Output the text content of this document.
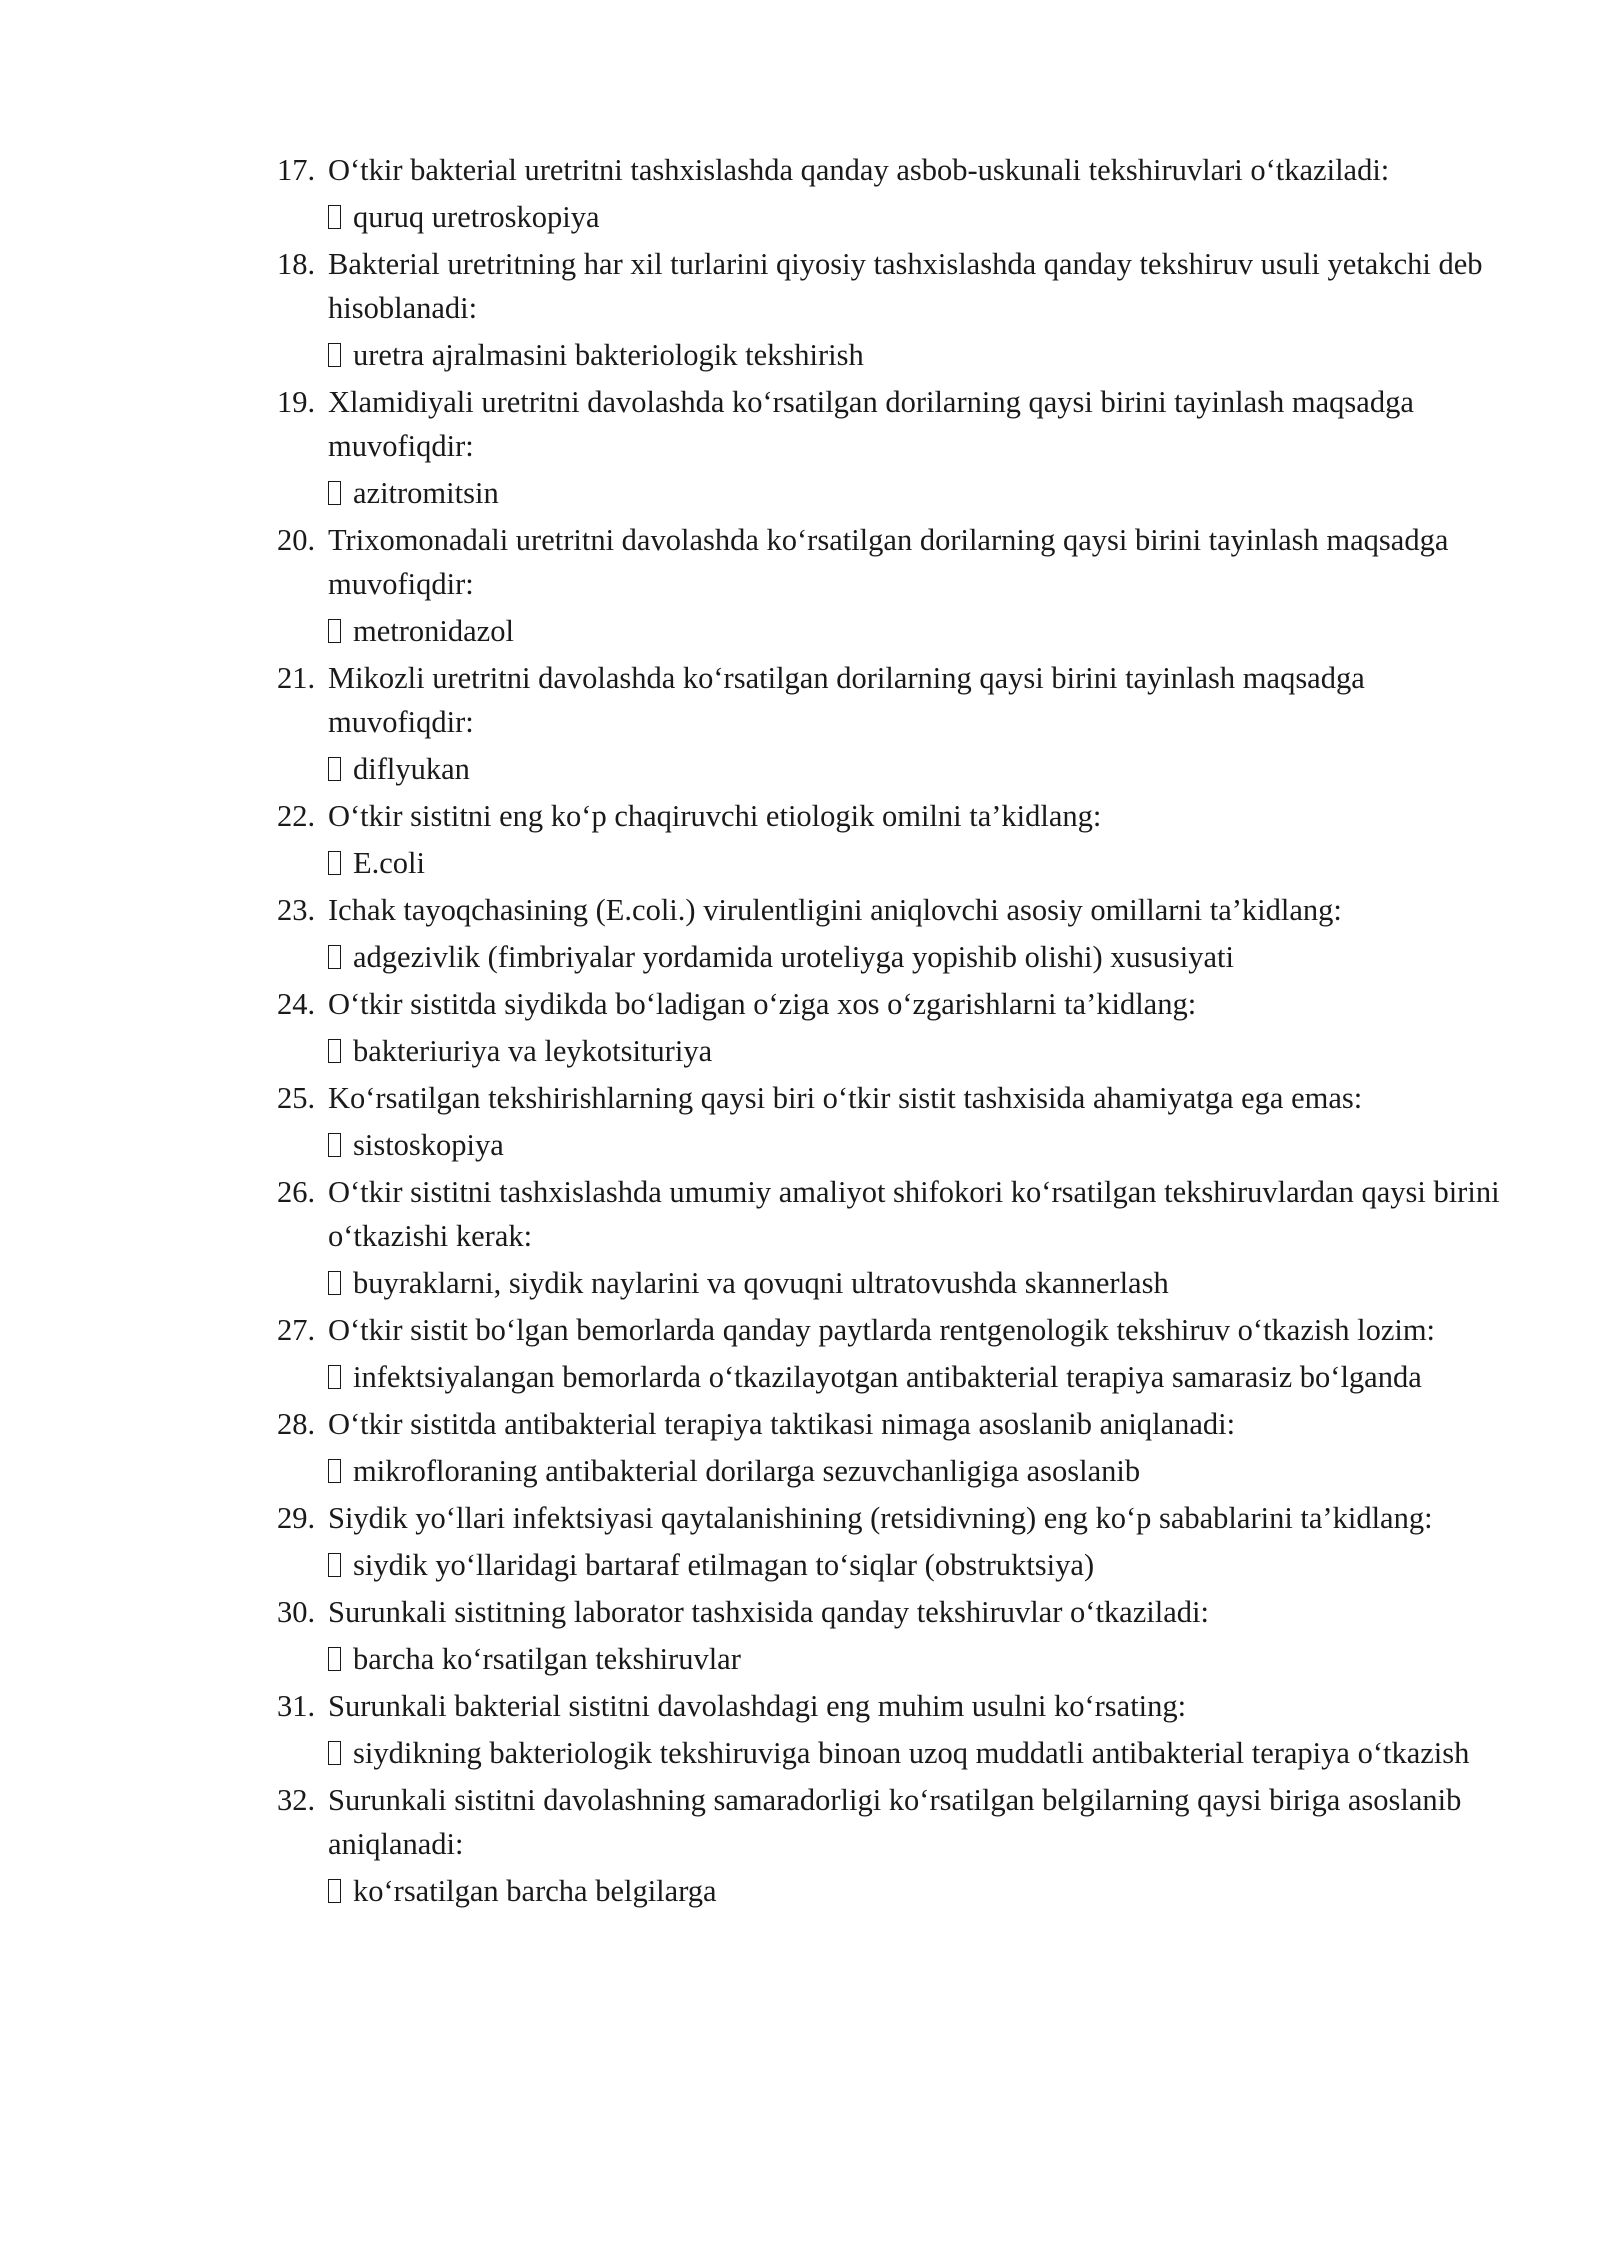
17. O‘tkir bakterial uretritni tashxislashda qanday asbob-uskunali tekshiruvlari o‘tkaziladi:
quruq uretroskopiya
18. Bakterial uretritning har xil turlarini qiyosiy tashxislashda qanday tekshiruv usuli yetakchi deb hisoblanadi:
uretra ajralmasini bakteriologik tekshirish
19. Xlamidiyali uretritni davolashda ko‘rsatilgan dorilarning qaysi birini tayinlash maqsadga muvofiqdir:
azitromitsin
20. Trixomonadali uretritni davolashda ko‘rsatilgan dorilarning qaysi birini tayinlash maqsadga muvofiqdir:
metronidazol
21. Mikozli uretritni davolashda ko‘rsatilgan dorilarning qaysi birini tayinlash maqsadga muvofiqdir:
diflyukan
22. O‘tkir sistitni eng ko‘p chaqiruvchi etiologik omilni ta’kidlang:
E.coli
23. Ichak tayoqchasining (E.coli.) virulentligini aniqlovchi asosiy omillarni ta’kidlang:
adgezivlik (fimbriyalar yordamida uroteliyga yopishib olishi) xususiyati
24. O‘tkir sistitda siydikda bo‘ladigan o‘ziga xos o‘zgarishlarni ta’kidlang:
bakteriuriya va leykotsituriya
25. Ko‘rsatilgan tekshirishlarning qaysi biri o‘tkir sistit tashxisida ahamiyatga ega emas:
sistoskopiya
26. O‘tkir sistitni tashxislashda umumiy amaliyot shifokori ko‘rsatilgan tekshiruvlardan qaysi birini o‘tkazishi kerak:
buyraklarni, siydik naylarini va qovuqni ultratovushda skannerlash
27. O‘tkir sistit bo‘lgan bemorlarda qanday paytlarda rentgenologik tekshiruv o‘tkazish lozim:
infektsiyalangan bemorlarda o‘tkazilayotgan antibakterial terapiya samarasiz bo‘lganda
28. O‘tkir sistitda antibakterial terapiya taktikasi nimaga asoslanib aniqlanadi:
mikrofloraning antibakterial dorilarga sezuvchanligiga asoslanib
29. Siydik yo‘llari infektsiyasi qaytalanishining (retsidivning) eng ko‘p sabablarini ta’kidlang:
siydik yo‘llaridagi bartaraf etilmagan to‘siqlar (obstruktsiya)
30. Surunkali sistitning laborator tashxisida qanday tekshiruvlar o‘tkaziladi:
barcha ko‘rsatilgan tekshiruvlar
31. Surunkali bakterial sistitni davolashdagi eng muhim usulni ko‘rsating:
siydikning bakteriologik tekshiruviga binoan uzoq muddatli antibakterial terapiya o‘tkazish
32. Surunkali sistitni davolashning samaradorligi ko‘rsatilgan belgilarning qaysi biriga asoslanib aniqlanadi:
ko‘rsatilgan barcha belgilarga
